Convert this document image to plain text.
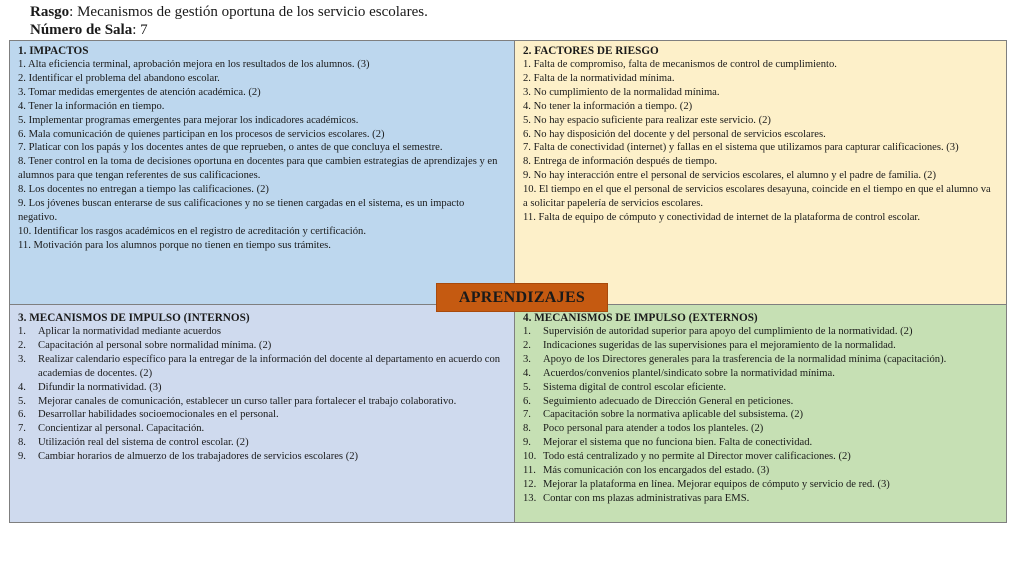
Rasgo: Mecanismos de gestión oportuna de los servicio escolares.
Número de Sala: 7
1. IMPACTOS
1. Alta eficiencia terminal, aprobación mejora en los resultados de los alumnos. (3)
2. Identificar el problema del abandono escolar.
3. Tomar medidas emergentes de atención académica. (2)
4. Tener la información en tiempo.
5. Implementar programas emergentes para mejorar los indicadores académicos.
6. Mala comunicación de quienes participan en los procesos de servicios escolares. (2)
7. Platicar con los papás y los docentes antes de que reprueben, o antes de que concluya el semestre.
8. Tener control en la toma de decisiones oportuna en docentes para que cambien estrategias de aprendizajes y en alumnos para que tengan referentes de sus calificaciones.
8. Los docentes no entregan a tiempo las calificaciones. (2)
9. Los jóvenes buscan enterarse de sus calificaciones y no se tienen cargadas en el sistema, es un impacto negativo.
10. Identificar los rasgos académicos en el registro de acreditación y certificación.
11. Motivación para los alumnos porque no tienen en tiempo sus trámites.
2. FACTORES DE RIESGO
1. Falta de compromiso, falta de mecanismos de control de cumplimiento.
2. Falta de la normatividad mínima.
3. No cumplimiento de la normalidad mínima.
4. No tener la información a tiempo. (2)
5. No hay espacio suficiente para realizar este servicio. (2)
6. No hay disposición del docente y del personal de servicios escolares.
7. Falta de conectividad (internet) y fallas en el sistema que utilizamos para capturar calificaciones. (3)
8. Entrega de información después de tiempo.
9. No hay interacción entre el personal de servicios escolares, el alumno y el padre de familia. (2)
10. El tiempo en el que el personal de servicios escolares desayuna, coincide en el tiempo en que el alumno va a solicitar papelería de servicios escolares.
11. Falta de equipo de cómputo y conectividad de internet de la plataforma de control escolar.
3. MECANISMOS DE IMPULSO (INTERNOS)
1. Aplicar la normatividad mediante acuerdos
2. Capacitación al personal sobre normalidad mínima. (2)
3. Realizar calendario específico para la entregar de la información del docente al departamento en acuerdo con academias de docentes. (2)
4. Difundir la normatividad. (3)
5. Mejorar canales de comunicación, establecer un curso taller para fortalecer el trabajo colaborativo.
6. Desarrollar habilidades socioemocionales en el personal.
7. Concientizar al personal. Capacitación.
8. Utilización real del sistema de control escolar. (2)
9. Cambiar horarios de almuerzo de los trabajadores de servicios escolares (2)
4. MECANISMOS DE IMPULSO (EXTERNOS)
1. Supervisión de autoridad superior para apoyo del cumplimiento de la normatividad. (2)
2. Indicaciones sugeridas de las supervisiones para el mejoramiento de la normalidad.
3. Apoyo de los Directores generales para la trasferencia de la normalidad mínima (capacitación).
4. Acuerdos/convenios plantel/sindicato sobre la normatividad mínima.
5. Sistema digital de control escolar eficiente.
6. Seguimiento adecuado de Dirección General en peticiones.
7. Capacitación sobre la normativa aplicable del subsistema. (2)
8. Poco personal para atender a todos los planteles. (2)
9. Mejorar el sistema que no funciona bien. Falta de conectividad.
10. Todo está centralizado y no permite al Director mover calificaciones. (2)
11. Más comunicación con los encargados del estado. (3)
12. Mejorar la plataforma en línea. Mejorar equipos de cómputo y servicio de red. (3)
13. Contar con ms plazas administrativas para EMS.
APRENDIZAJES
